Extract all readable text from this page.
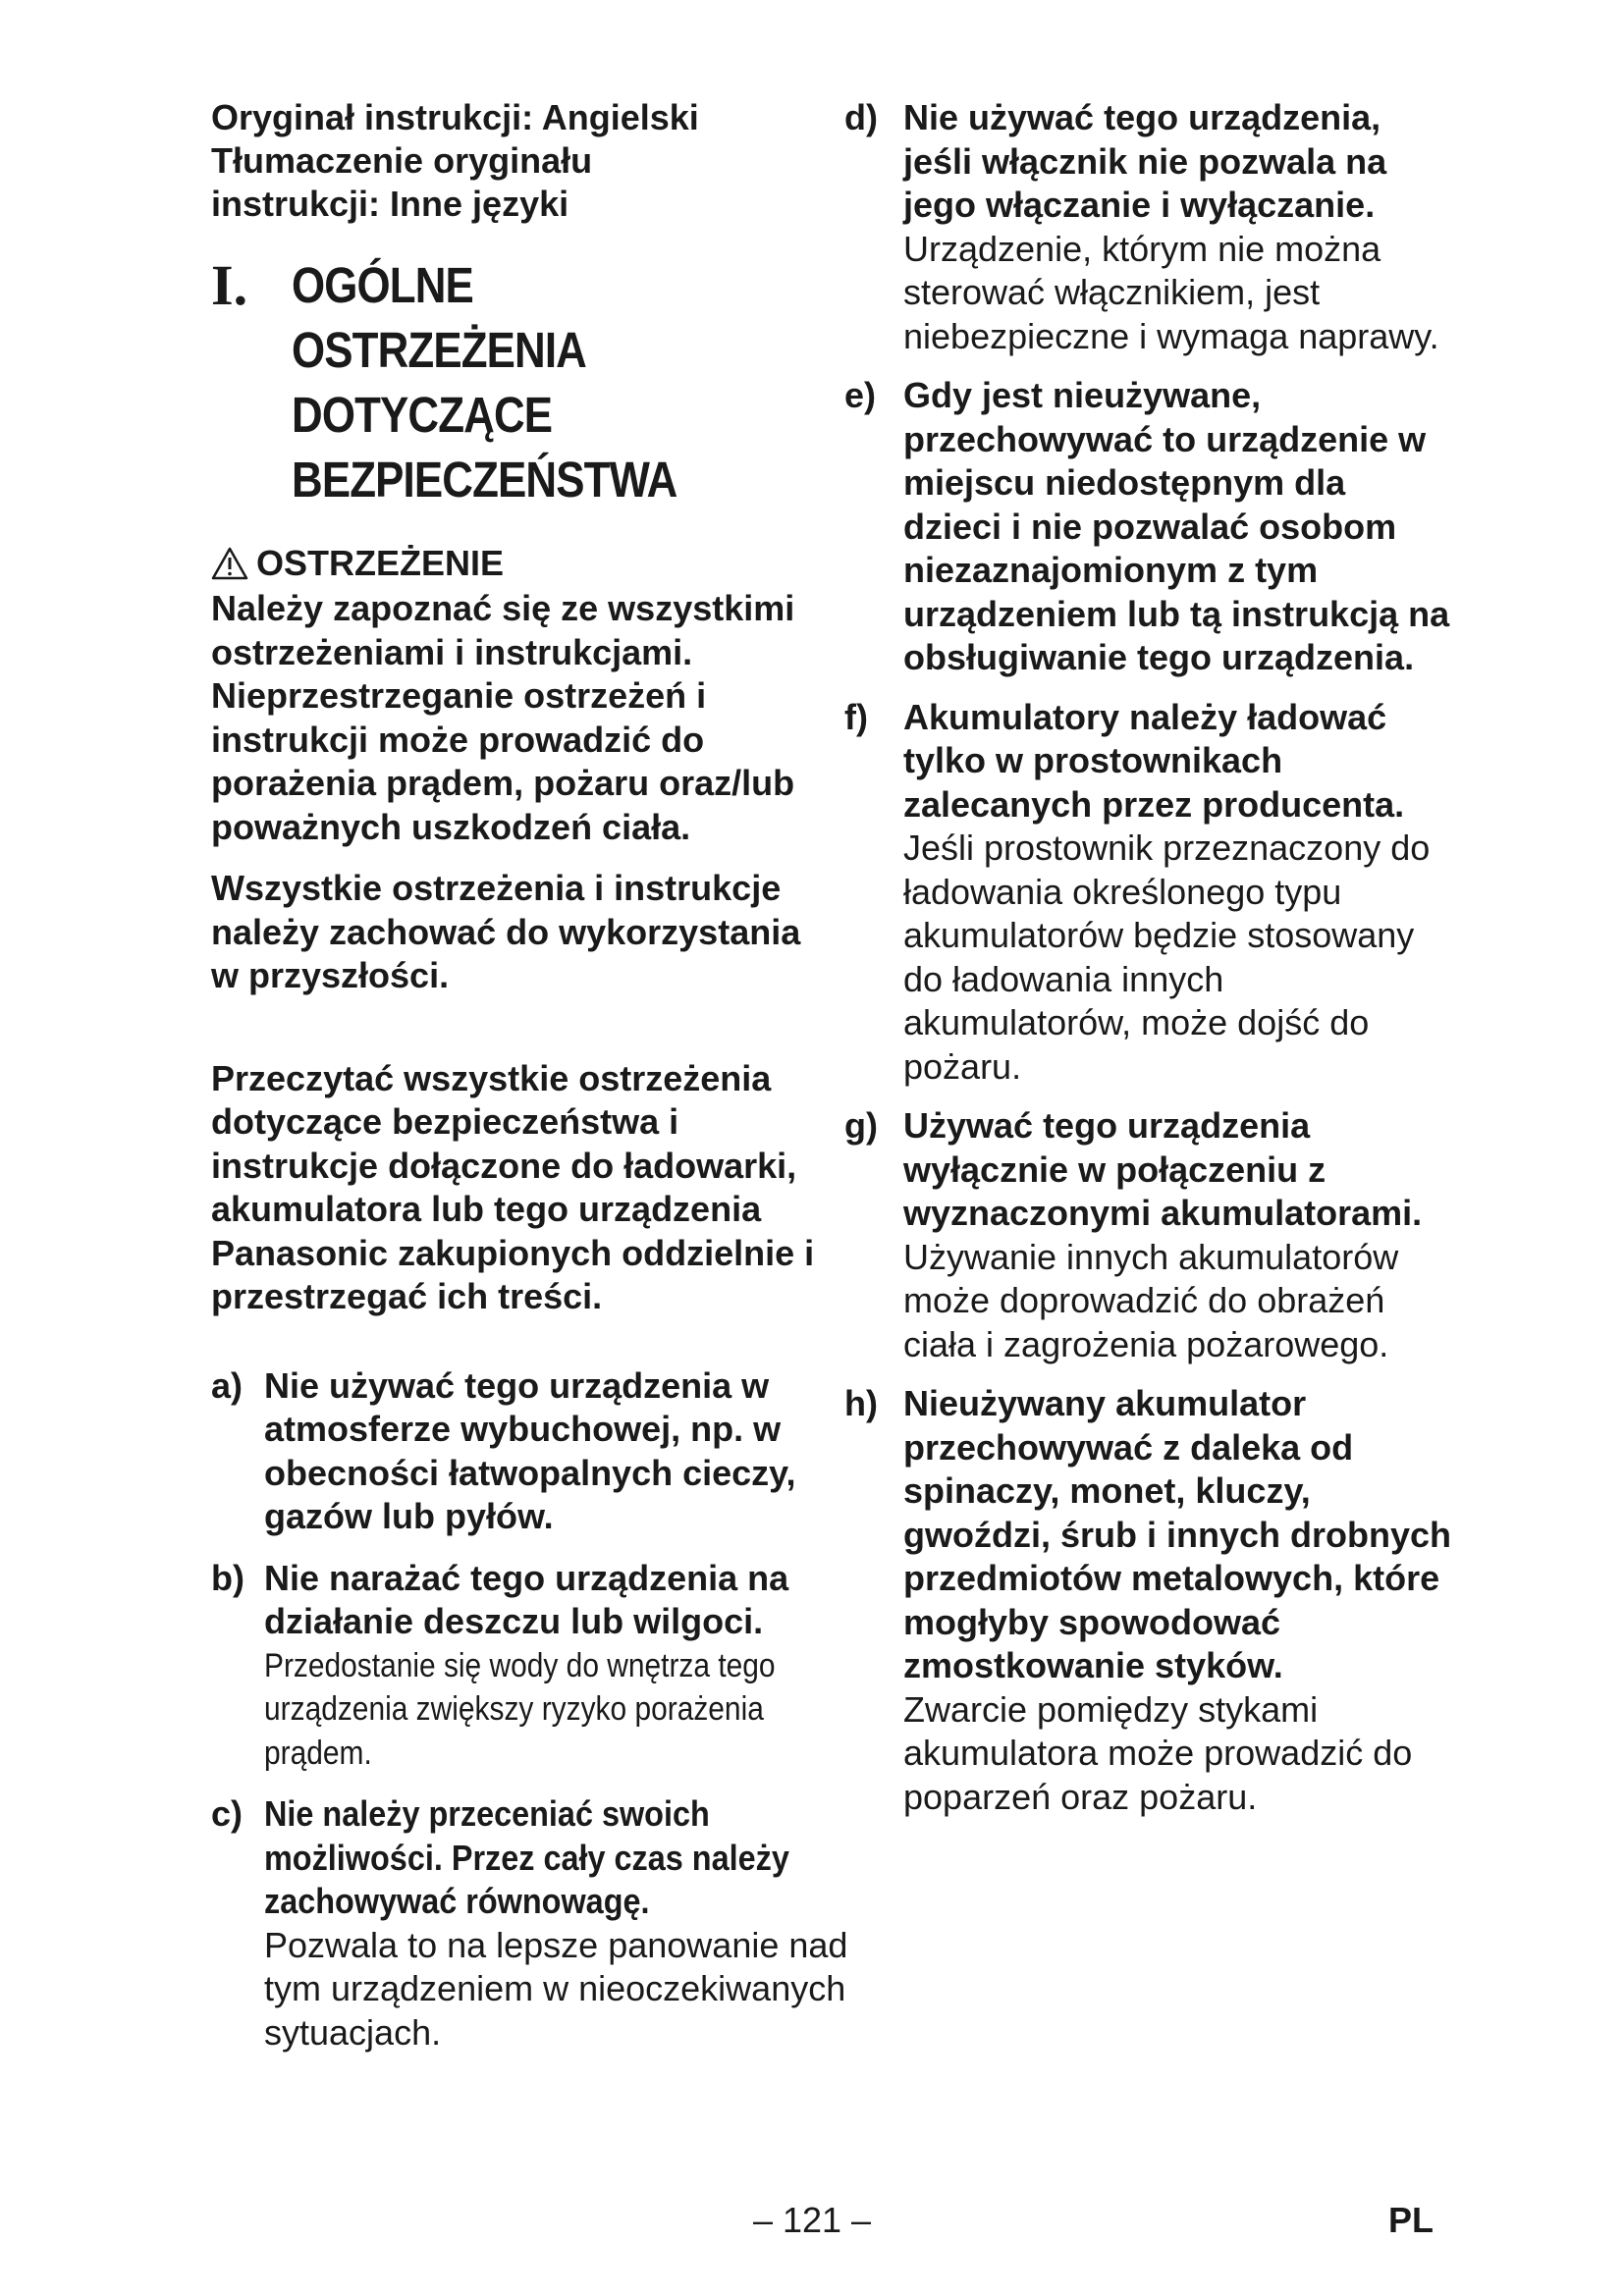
Oryginał instrukcji: Angielski
Tłumaczenie oryginału
instrukcji: Inne języki

I. OGÓLNE OSTRZEŻENIA
DOTYCZĄCE
BEZPIECZEŃSTWA
OSTRZEŻENIE

Należy zapoznać się ze wszystkimi ostrzeżeniami i instrukcjami. Nieprzestrzeganie ostrzeżeń i instrukcji może prowadzić do porażenia prądem, pożaru oraz/lub poważnych uszkodzeń ciała.

Wszystkie ostrzeżenia i instrukcje należy zachować do wykorzystania w przyszłości.

Przeczytać wszystkie ostrzeżenia dotyczące bezpieczeństwa i instrukcje dołączone do ładowarki, akumulatora lub tego urządzenia Panasonic zakupionych oddzielnie i przestrzegać ich treści.

a) Nie używać tego urządzenia w atmosferze wybuchowej, np. w obecności łatwopalnych cieczy, gazów lub pyłów.
b) Nie narażać tego urządzenia na działanie deszczu lub wilgoci.
Przedostanie się wody do wnętrza tego urządzenia zwiększy ryzyko porażenia prądem.
c) Nie należy przeceniać swoich możliwości. Przez cały czas należy zachowywać równowagę.
Pozwala to na lepsze panowanie nad tym urządzeniem w nieoczekiwanych sytuacjach.
d) Nie używać tego urządzenia, jeśli włącznik nie pozwala na jego włączanie i wyłączanie.
Urządzenie, którym nie można sterować włącznikiem, jest niebezpieczne i wymaga naprawy.
e) Gdy jest nieużywane, przechowywać to urządzenie w miejscu niedostępnym dla dzieci i nie pozwalać osobom niezaznajomionym z tym urządzeniem lub tą instrukcją na obsługiwanie tego urządzenia.
f)	Akumulatory należy ładować tylko w prostownikach zalecanych przez producenta.
Jeśli prostownik przeznaczony do ładowania określonego typu akumulatorów będzie stosowany do ładowania innych akumulatorów, może dojść do pożaru.
g) Używać tego urządzenia wyłącznie w połączeniu z wyznaczonymi akumulatorami.
Używanie innych akumulatorów może doprowadzić do obrażeń ciała i zagrożenia pożarowego.
h) Nieużywany akumulator przechowywać z daleka od spinaczy, monet, kluczy, gwoździ, śrub i innych drobnych przedmiotów metalowych, które mogłyby spowodować zmostkowanie styków.
Zwarcie pomiędzy stykami akumulatora może prowadzić do poparzeń oraz pożaru.
– 121 –	PL
